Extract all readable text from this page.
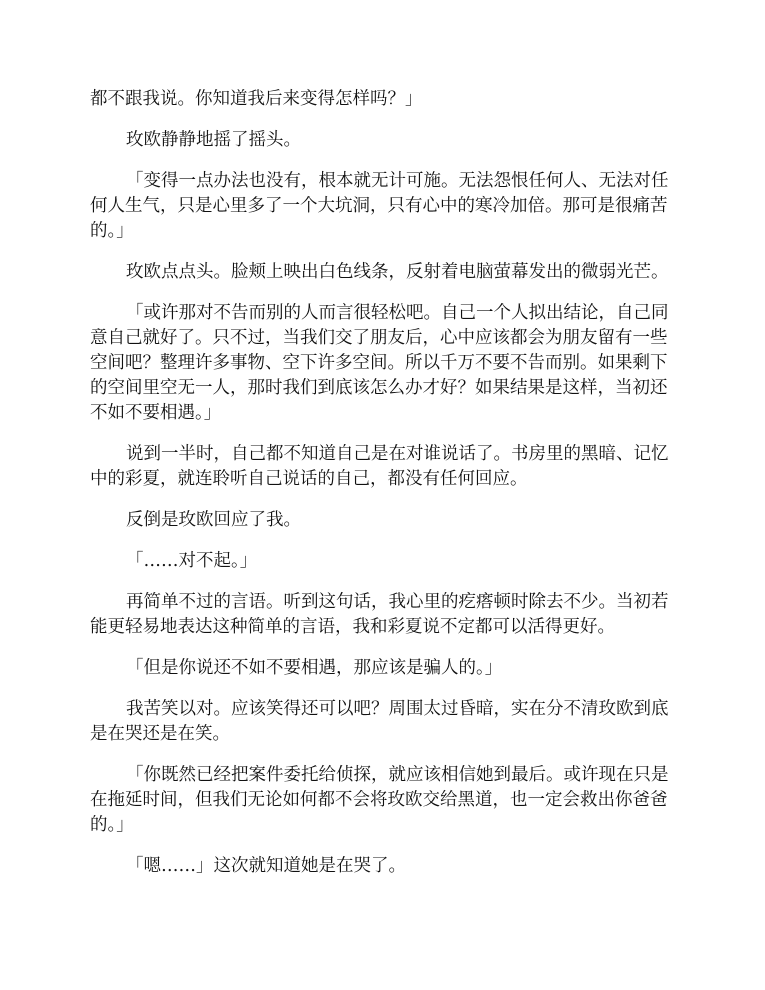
都不跟我说。你知道我后来变得怎样吗？」

玫欧静静地摇了摇头。

「变得一点办法也没有，根本就无计可施。无法怨恨任何人、无法对任何人生气，只是心里多了一个大坑洞，只有心中的寒冷加倍。那可是很痛苦的。」

玫欧点点头。脸颊上映出白色线条，反射着电脑萤幕发出的微弱光芒。

「或许那对不告而别的人而言很轻松吧。自己一个人拟出结论，自己同意自己就好了。只不过，当我们交了朋友后，心中应该都会为朋友留有一些空间吧？整理许多事物、空下许多空间。所以千万不要不告而别。如果剩下的空间里空无一人，那时我们到底该怎么办才好？如果结果是这样，当初还不如不要相遇。」

说到一半时，自己都不知道自己是在对谁说话了。书房里的黑暗、记忆中的彩夏，就连聆听自己说话的自己，都没有任何回应。

反倒是玫欧回应了我。

「……对不起。」

再简单不过的言语。听到这句话，我心里的疙瘩顿时除去不少。当初若能更轻易地表达这种简单的言语，我和彩夏说不定都可以活得更好。

「但是你说还不如不要相遇，那应该是骗人的。」

我苦笑以对。应该笑得还可以吧？周围太过昏暗，实在分不清玫欧到底是在哭还是在笑。

「你既然已经把案件委托给侦探，就应该相信她到最后。或许现在只是在拖延时间，但我们无论如何都不会将玫欧交给黑道，也一定会救出你爸爸的。」

「嗯……」这次就知道她是在哭了。
